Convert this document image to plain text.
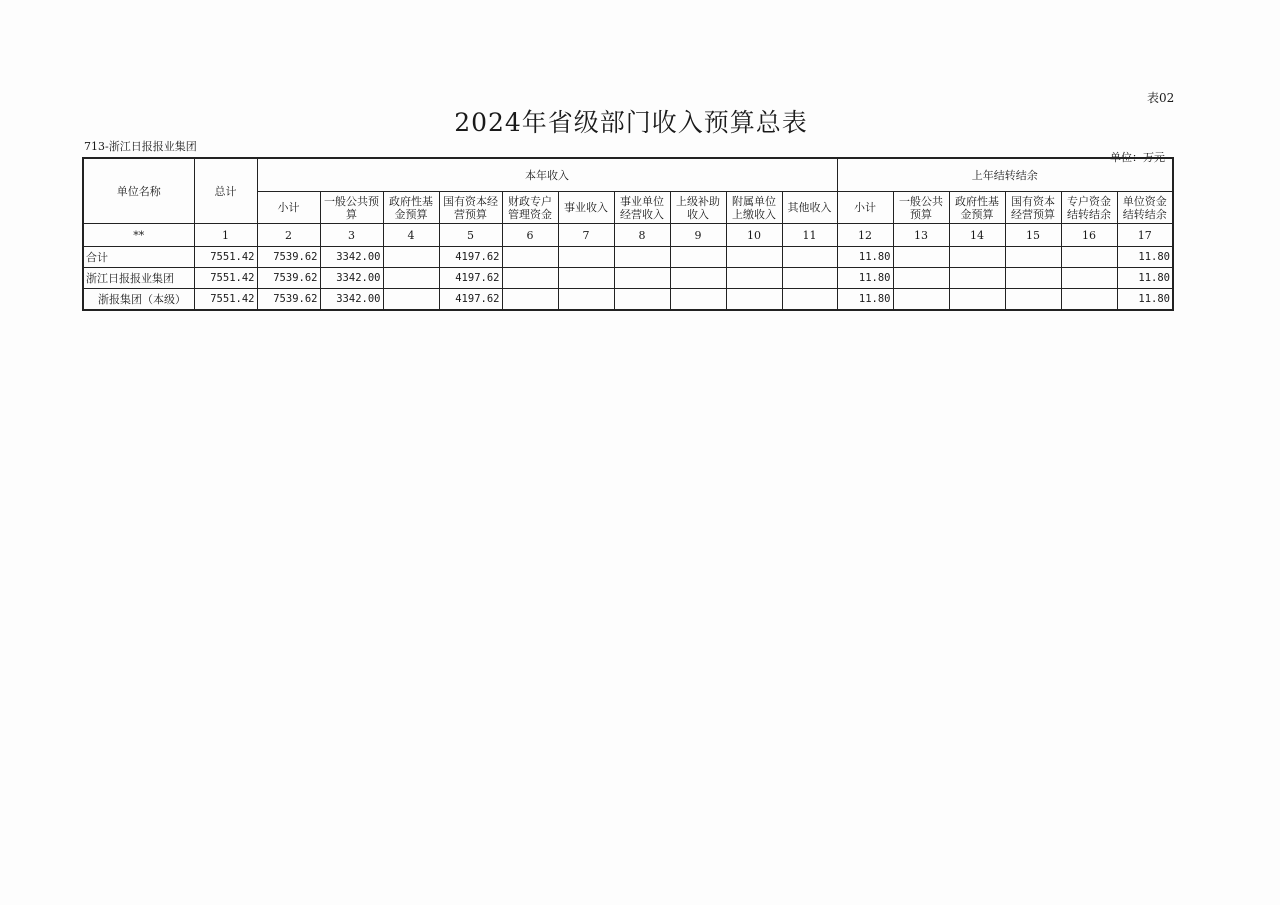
表02
2024年省级部门收入预算总表
713-浙江日报报业集团
单位：万元
单位名称	总计	本年收入										上年结转结余					
		小计	一般公共预算	政府性基金预算	国有资本经营预算	财政专户管理资金	事业收入	事业单位经营收入	上级补助收入	附属单位上缴收入	其他收入	小计	一般公共预算	政府性基金预算	国有资本经营预算	专户资金结转结余	单位资金结转结余
**	1	2	3	4	5	6	7	8	9	10	11	12	13	14	15	16	17
合计	7551.42	7539.62	3342.00		4197.62							11.80					11.80
浙江日报报业集团	7551.42	7539.62	3342.00		4197.62							11.80					11.80
浙报集团（本级）	7551.42	7539.62	3342.00		4197.62							11.80					11.80
